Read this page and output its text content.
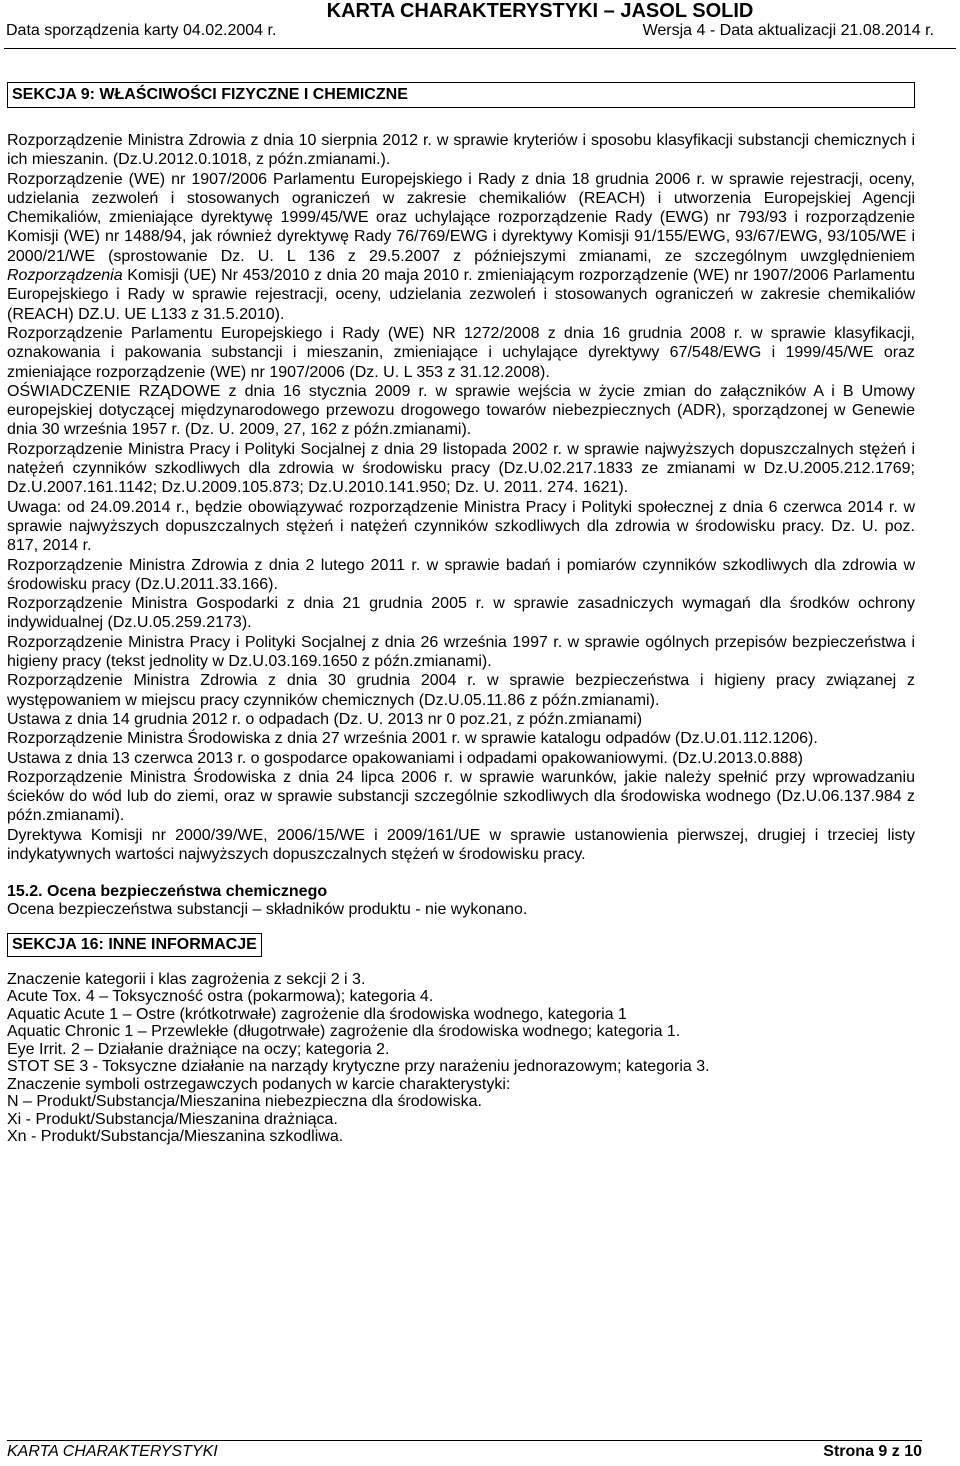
KARTA CHARAKTERYSTYKI – JASOL SOLID
Data sporządzenia karty 04.02.2004 r.	Wersja 4 - Data aktualizacji 21.08.2014 r.
SEKCJA 9: WŁAŚCIWOŚCI FIZYCZNE I CHEMICZNE

Rozporządzenie Ministra Zdrowia z dnia 10 sierpnia 2012 r. w sprawie kryteriów i sposobu klasyfikacji substancji chemicznych i ich mieszanin. (Dz.U.2012.0.1018, z późn.zmianami.).

Rozporządzenie (WE) nr 1907/2006 Parlamentu Europejskiego i Rady z dnia 18 grudnia 2006 r. w sprawie rejestracji, oceny, udzielania zezwoleń i stosowanych ograniczeń w zakresie chemikaliów (REACH) i utworzenia Europejskiej Agencji Chemikaliów, zmieniające dyrektywę 1999/45/WE oraz uchylające rozporządzenie Rady (EWG) nr 793/93 i rozporządzenie Komisji (WE) nr 1488/94, jak również dyrektywę Rady 76/769/EWG i dyrektywy Komisji 91/155/EWG, 93/67/EWG, 93/105/WE i 2000/21/WE (sprostowanie Dz. U. L 136 z 29.5.2007 z późniejszymi zmianami, ze szczególnym uwzględnieniem Rozporządzenia Komisji (UE) Nr 453/2010 z dnia 20 maja 2010 r. zmieniającym rozporządzenie (WE) nr 1907/2006 Parlamentu Europejskiego i Rady w sprawie rejestracji, oceny, udzielania zezwoleń i stosowanych ograniczeń w zakresie chemikaliów (REACH) DZ.U. UE L133 z 31.5.2010).

Rozporządzenie Parlamentu Europejskiego i Rady (WE) NR 1272/2008 z dnia 16 grudnia 2008 r. w sprawie klasyfikacji, oznakowania i pakowania substancji i mieszanin, zmieniające i uchylające dyrektywy 67/548/EWG i 1999/45/WE oraz zmieniające rozporządzenie (WE) nr 1907/2006 (Dz. U. L 353 z 31.12.2008).

OŚWIADCZENIE RZĄDOWE z dnia 16 stycznia 2009 r. w sprawie wejścia w życie zmian do załączników A i B Umowy europejskiej dotyczącej międzynarodowego przewozu drogowego towarów niebezpiecznych (ADR), sporządzonej w Genewie dnia 30 września 1957 r. (Dz. U. 2009, 27, 162 z późn.zmianami).

Rozporządzenie Ministra Pracy i Polityki Socjalnej z dnia 29 listopada 2002 r. w sprawie najwyższych dopuszczalnych stężeń i natężeń czynników szkodliwych dla zdrowia w środowisku pracy (Dz.U.02.217.1833 ze zmianami w Dz.U.2005.212.1769; Dz.U.2007.161.1142; Dz.U.2009.105.873; Dz.U.2010.141.950; Dz. U. 2011. 274. 1621).

Uwaga: od 24.09.2014 r., będzie obowiązywać rozporządzenie Ministra Pracy i Polityki społecznej z dnia 6 czerwca 2014 r. w sprawie najwyższych dopuszczalnych stężeń i natężeń czynników szkodliwych dla zdrowia w środowisku pracy. Dz. U. poz. 817, 2014 r.

Rozporządzenie Ministra Zdrowia z dnia 2 lutego 2011 r. w sprawie badań i pomiarów czynników szkodliwych dla zdrowia w środowisku pracy (Dz.U.2011.33.166).

Rozporządzenie Ministra Gospodarki z dnia 21 grudnia 2005 r. w sprawie zasadniczych wymagań dla środków ochrony indywidualnej (Dz.U.05.259.2173).

Rozporządzenie Ministra Pracy i Polityki Socjalnej z dnia 26 września 1997 r. w sprawie ogólnych przepisów bezpieczeństwa i higieny pracy (tekst jednolity w Dz.U.03.169.1650 z późn.zmianami).

Rozporządzenie Ministra Zdrowia z dnia 30 grudnia 2004 r. w sprawie bezpieczeństwa i higieny pracy związanej z występowaniem w miejscu pracy czynników chemicznych (Dz.U.05.11.86 z późn.zmianami).

Ustawa z dnia 14 grudnia 2012 r. o odpadach (Dz. U. 2013 nr 0 poz.21, z późn.zmianami)

Rozporządzenie Ministra Środowiska z dnia 27 września 2001 r. w sprawie katalogu odpadów (Dz.U.01.112.1206).

Ustawa z dnia 13 czerwca 2013 r. o gospodarce opakowaniami i odpadami opakowaniowymi. (Dz.U.2013.0.888)

Rozporządzenie Ministra Środowiska z dnia 24 lipca 2006 r. w sprawie warunków, jakie należy spełnić przy wprowadzaniu ścieków do wód lub do ziemi, oraz w sprawie substancji szczególnie szkodliwych dla środowiska wodnego (Dz.U.06.137.984 z późn.zmianami).

Dyrektywa Komisji nr 2000/39/WE, 2006/15/WE i 2009/161/UE w sprawie ustanowienia pierwszej, drugiej i trzeciej listy indykatywnych wartości najwyższych dopuszczalnych stężeń w środowisku pracy.

15.2. Ocena bezpieczeństwa chemicznego

Ocena bezpieczeństwa substancji – składników produktu - nie wykonano.

SEKCJA 16: INNE INFORMACJE

Znaczenie kategorii i klas zagrożenia z sekcji 2 i 3.

Acute Tox. 4 – Toksyczność ostra (pokarmowa); kategoria 4.

Aquatic Acute 1 – Ostre (krótkotrwałe) zagrożenie dla środowiska wodnego, kategoria 1

Aquatic Chronic 1 – Przewlekłe (długotrwałe) zagrożenie dla środowiska wodnego; kategoria 1.

Eye Irrit. 2 – Działanie drażniące na oczy; kategoria 2.

STOT SE 3 - Toksyczne działanie na narządy krytyczne przy narażeniu jednorazowym; kategoria 3.

Znaczenie symboli ostrzegawczych podanych w karcie charakterystyki:

N – Produkt/Substancja/Mieszanina niebezpieczna dla środowiska.

Xi - Produkt/Substancja/Mieszanina drażniąca.

Xn - Produkt/Substancja/Mieszanina szkodliwa.

KARTA CHARAKTERYSTYKI	Strona 9 z 10
